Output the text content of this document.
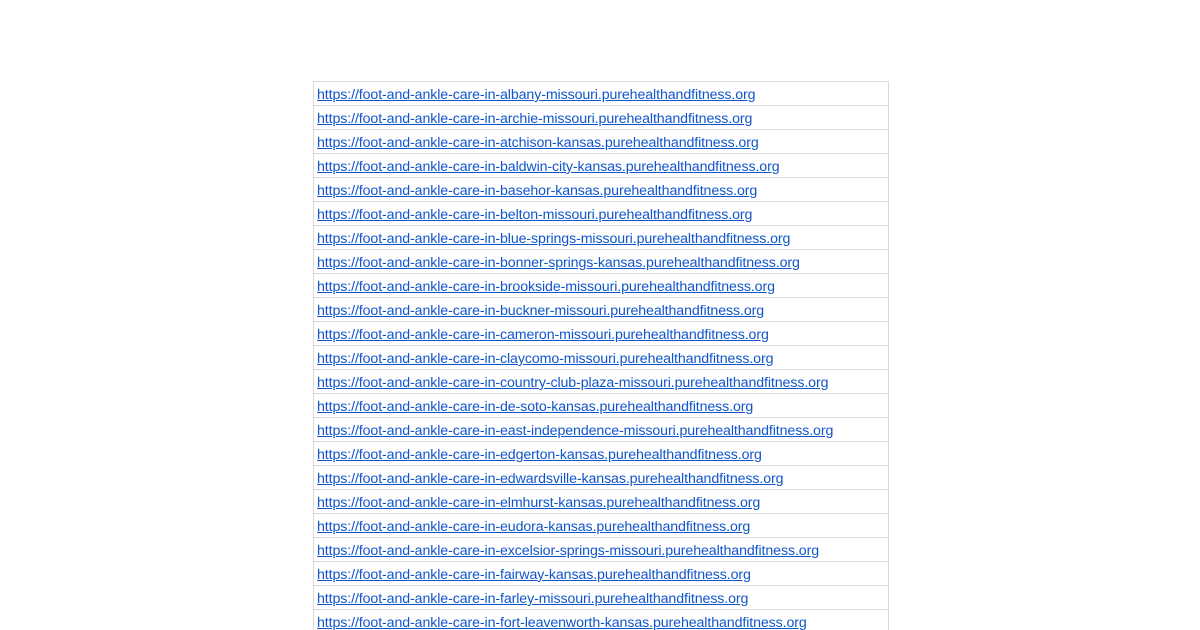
https://foot-and-ankle-care-in-albany-missouri.purehealthandfitness.org
https://foot-and-ankle-care-in-archie-missouri.purehealthandfitness.org
https://foot-and-ankle-care-in-atchison-kansas.purehealthandfitness.org
https://foot-and-ankle-care-in-baldwin-city-kansas.purehealthandfitness.org
https://foot-and-ankle-care-in-basehor-kansas.purehealthandfitness.org
https://foot-and-ankle-care-in-belton-missouri.purehealthandfitness.org
https://foot-and-ankle-care-in-blue-springs-missouri.purehealthandfitness.org
https://foot-and-ankle-care-in-bonner-springs-kansas.purehealthandfitness.org
https://foot-and-ankle-care-in-brookside-missouri.purehealthandfitness.org
https://foot-and-ankle-care-in-buckner-missouri.purehealthandfitness.org
https://foot-and-ankle-care-in-cameron-missouri.purehealthandfitness.org
https://foot-and-ankle-care-in-claycomo-missouri.purehealthandfitness.org
https://foot-and-ankle-care-in-country-club-plaza-missouri.purehealthandfitness.org
https://foot-and-ankle-care-in-de-soto-kansas.purehealthandfitness.org
https://foot-and-ankle-care-in-east-independence-missouri.purehealthandfitness.org
https://foot-and-ankle-care-in-edgerton-kansas.purehealthandfitness.org
https://foot-and-ankle-care-in-edwardsville-kansas.purehealthandfitness.org
https://foot-and-ankle-care-in-elmhurst-kansas.purehealthandfitness.org
https://foot-and-ankle-care-in-eudora-kansas.purehealthandfitness.org
https://foot-and-ankle-care-in-excelsior-springs-missouri.purehealthandfitness.org
https://foot-and-ankle-care-in-fairway-kansas.purehealthandfitness.org
https://foot-and-ankle-care-in-farley-missouri.purehealthandfitness.org
https://foot-and-ankle-care-in-fort-leavenworth-kansas.purehealthandfitness.org
